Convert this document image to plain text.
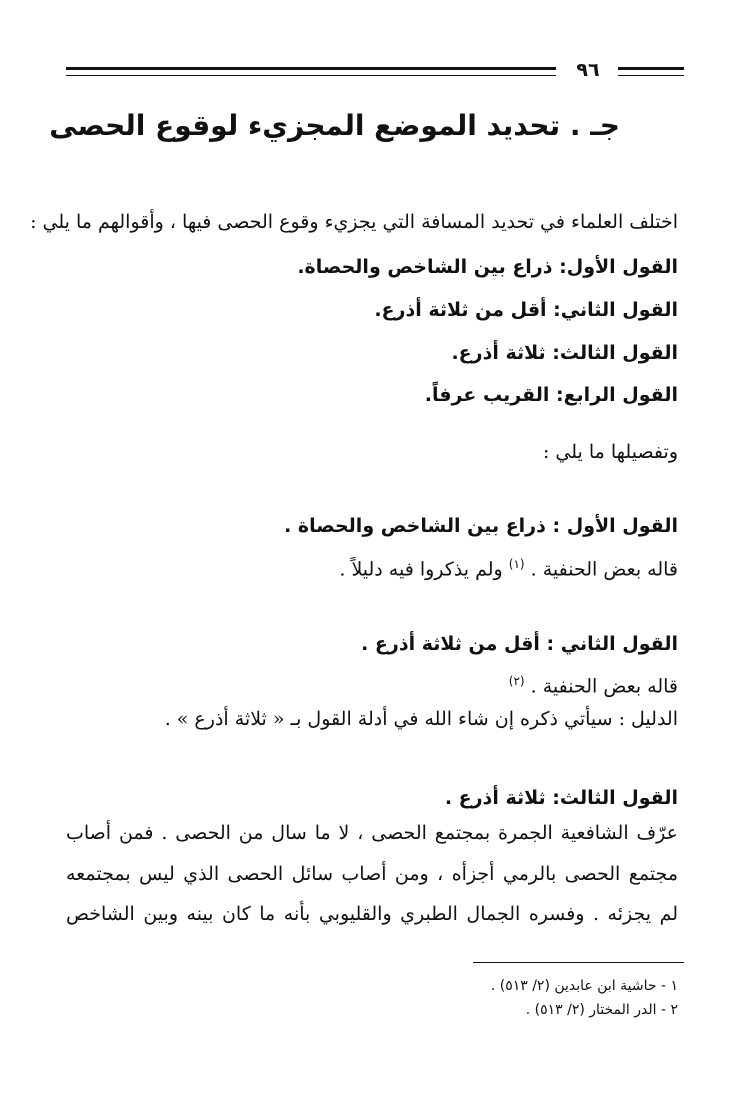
٩٦
جـ . تحديد الموضع المجزيء لوقوع الحصى
اختلف العلماء في تحديد المسافة التي يجزيء وقوع الحصى فيها ، وأقوالهم ما يلي :
القول الأول: ذراع بين الشاخص والحصاة.
القول الثاني: أقل من ثلاثة أذرع.
القول الثالث: ثلاثة أذرع.
القول الرابع: القريب عرفاً.
وتفصيلها ما يلي :
القول الأول : ذراع بين الشاخص والحصاة .
قاله بعض الحنفية . $^{(١)}$ ولم يذكروا فيه دليلاً .
القول الثاني : أقل من ثلاثة أذرع .
قاله بعض الحنفية . $^{(٢)}$
الدليل : سيأتي ذكره إن شاء الله في أدلة القول بـ « ثلاثة أذرع » .
القول الثالث: ثلاثة أذرع .
عرّف الشافعية الجمرة بمجتمع الحصى ، لا ما سال من الحصى . فمن أصاب
مجتمع الحصى بالرمي أجزأه ، ومن أصاب سائل الحصى الذي ليس بمجتمعه
لم يجزئه . وفسره الجمال الطبري والقليوبي بأنه ما كان بينه وبين الشاخص
١ - حاشية ابن عابدين (٢/ ٥١٣) .
٢ - الدر المختار (٢/ ٥١٣) .
